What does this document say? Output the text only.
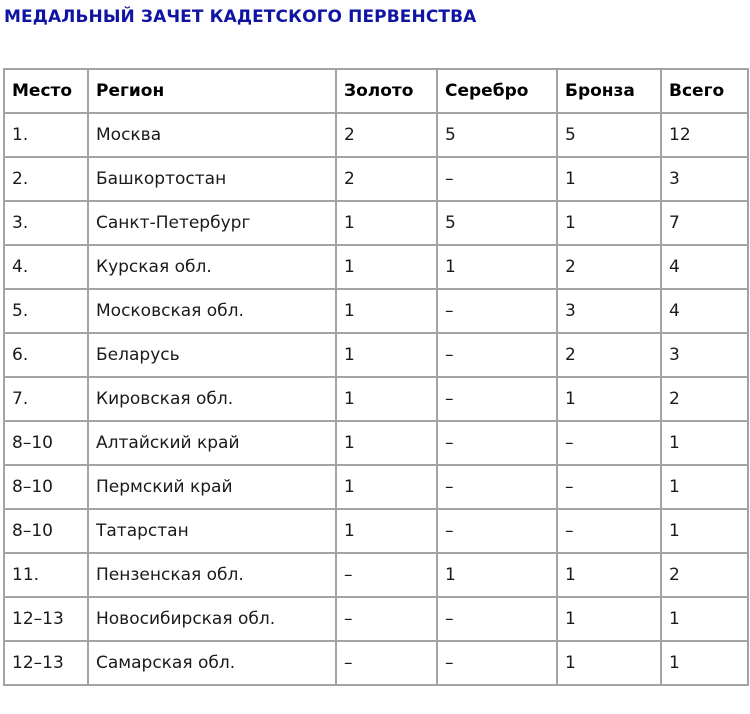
МЕДАЛЬНЫЙ ЗАЧЕТ КАДЕТСКОГО ПЕРВЕНСТВА
Место	Регион	Золото	Серебро	Бронза	Всего
1.	Москва	2	5	5	12
2.	Башкортостан	2	–	1	3
3.	Санкт-Петербург	1	5	1	7
4.	Курская обл.	1	1	2	4
5.	Московская обл.	1	–	3	4
6.	Беларусь	1	–	2	3
7.	Кировская обл.	1	–	1	2
8–10	Алтайский край	1	–	–	1
8–10	Пермский край	1	–	–	1
8–10	Татарстан	1	–	–	1
11.	Пензенская обл.	–	1	1	2
12–13	Новосибирская обл.	–	–	1	1
12–13	Самарская обл.	–	–	1	1
